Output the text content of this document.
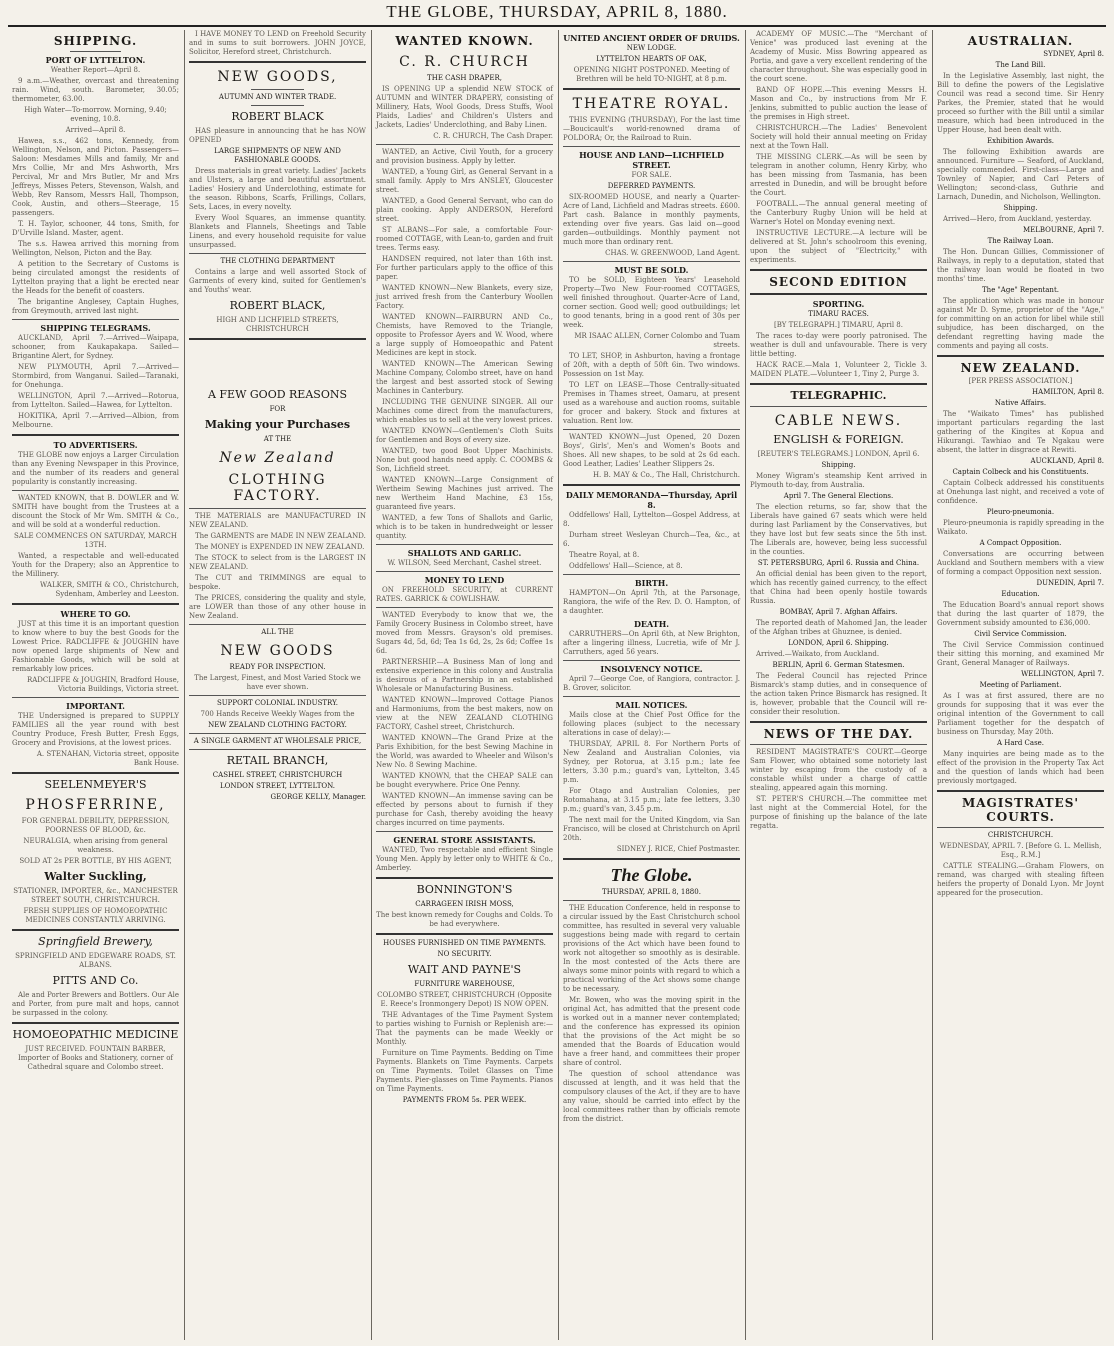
THE GLOBE, THURSDAY, APRIL 8, 1880.
SHIPPING.
PORT OF LYTTELTON.

Weather Report—April 8.

9 a.m.—Weather, overcast and threatening rain. Wind, south. Barometer, 30.05; thermometer, 63.00.

High Water—To-morrow. Morning, 9.40; evening, 10.8.

Arrived—April 8.

Hawea, s.s., 462 tons, Kennedy, from Wellington, Nelson, and Picton. Passengers—Saloon: Mesdames Mills and family, Mr and Mrs Collie, Mr and Mrs Ashworth, Mrs Percival, Mr and Mrs Butler, Mr and Mrs Jeffreys, Misses Peters, Stevenson, Walsh, and Webb, Rev Ransom, Messrs Hall, Thompson, Cook, Austin, and others—Steerage, 15 passengers.

T. H. Taylor, schooner, 44 tons, Smith, for D'Urville Island. Master, agent.

The s.s. Hawea arrived this morning from Wellington, Nelson, Picton and the Bay.

A petition to the Secretary of Customs is being circulated amongst the residents of Lyttelton praying that a light be erected near the Heads for the benefit of coasters.

The brigantine Anglesey, Captain Hughes, from Greymouth, arrived last night.

SHIPPING TELEGRAMS.

AUCKLAND, April 7.—Arrived—Waipapa, schooner, from Kaukapakapa. Sailed—Brigantine Alert, for Sydney.

NEW PLYMOUTH, April 7.—Arrived—Stormbird, from Wanganui. Sailed—Taranaki, for Onehunga.

WELLINGTON, April 7.—Arrived—Rotorua, from Lyttelton. Sailed—Hawea, for Lyttelton.

HOKITIKA, April 7.—Arrived—Albion, from Melbourne.

TO ADVERTISERS.

THE GLOBE now enjoys a Larger Circulation than any Evening Newspaper in this Province, and the number of its readers and general popularity is constantly increasing.

WANTED KNOWN, that B. DOWLER and W. SMITH have bought from the Trustees at a discount the Stock of Mr Wm. SMITH & Co., and will be sold at a wonderful reduction.

SALE COMMENCES ON SATURDAY, MARCH 13TH.

Wanted, a respectable and well-educated Youth for the Drapery; also an Apprentice to the Millinery.

WALKER, SMITH & CO., Christchurch, Sydenham, Amberley and Leeston.

WHERE TO GO.

JUST at this time it is an important question to know where to buy the best Goods for the Lowest Price. RADCLIFFE & JOUGHIN have now opened large shipments of New and Fashionable Goods, which will be sold at remarkably low prices.

RADCLIFFE & JOUGHIN, Bradford House, Victoria Buildings, Victoria street.

IMPORTANT.

THE Undersigned is prepared to SUPPLY FAMILIES all the year round with best Country Produce, Fresh Butter, Fresh Eggs, Grocery and Provisions, at the lowest prices.

A. STENAHAN, Victoria street, opposite Bank House.

SEELENMEYER'S
PHOSFERRINE,

FOR GENERAL DEBILITY, DEPRESSION, POORNESS OF BLOOD, &c.

NEURALGIA, when arising from general weakness.

SOLD AT 2s PER BOTTLE, BY HIS AGENT,

Walter Suckling,

STATIONER, IMPORTER, &c., MANCHESTER STREET SOUTH, CHRISTCHURCH.

FRESH SUPPLIES OF HOMOEOPATHIC MEDICINES CONSTANTLY ARRIVING.

Springfield Brewery,

SPRINGFIELD AND EDGEWARE ROADS, ST. ALBANS.

PITTS AND Co.

Ale and Porter Brewers and Bottlers. Our Ale and Porter, from pure malt and hops, cannot be surpassed in the colony.

HOMOEOPATHIC MEDICINE

JUST RECEIVED. FOUNTAIN BARBER, Importer of Books and Stationery, corner of Cathedral square and Colombo street.

I HAVE MONEY TO LEND on Freehold Security and in sums to suit borrowers. JOHN JOYCE, Solicitor, Hereford street, Christchurch.

NEW GOODS,

AUTUMN AND WINTER TRADE.

ROBERT BLACK

HAS pleasure in announcing that he has NOW OPENED

LARGE SHIPMENTS OF NEW AND FASHIONABLE GOODS.

Dress materials in great variety. Ladies' Jackets and Ulsters, a large and beautiful assortment. Ladies' Hosiery and Underclothing, estimate for the season. Ribbons, Scarfs, Frillings, Collars, Sets, Laces, in every novelty.

Every Wool Squares, an immense quantity. Blankets and Flannels, Sheetings and Table Linens, and every household requisite for value unsurpassed.

THE CLOTHING DEPARTMENT

Contains a large and well assorted Stock of Garments of every kind, suited for Gentlemen's and Youths' wear.

ROBERT BLACK,

HIGH AND LICHFIELD STREETS, CHRISTCHURCH

A FEW GOOD REASONS

FOR

Making your Purchases

AT THE

New Zealand
CLOTHING FACTORY.

THE MATERIALS are MANUFACTURED IN NEW ZEALAND.

The GARMENTS are MADE IN NEW ZEALAND.

The MONEY is EXPENDED IN NEW ZEALAND.

The STOCK to select from is the LARGEST IN NEW ZEALAND.

The CUT and TRIMMINGS are equal to bespoke.

The PRICES, considering the quality and style, are LOWER than those of any other house in New Zealand.

ALL THE

NEW GOODS

READY FOR INSPECTION.

The Largest, Finest, and Most Varied Stock we have ever shown.

SUPPORT COLONIAL INDUSTRY.

700 Hands Receive Weekly Wages from the

NEW ZEALAND CLOTHING FACTORY.

A SINGLE GARMENT AT WHOLESALE PRICE,

RETAIL BRANCH,

CASHEL STREET, CHRISTCHURCH

LONDON STREET, LYTTELTON.

GEORGE KELLY, Manager.

WANTED KNOWN.
C. R. CHURCH

THE CASH DRAPER,

IS OPENING UP a splendid NEW STOCK of AUTUMN and WINTER DRAPERY, consisting of Millinery, Hats, Wool Goods, Dress Stuffs, Wool Plaids, Ladies' and Children's Ulsters and Jackets, Ladies' Underclothing, and Baby Linen.

C. R. CHURCH, The Cash Draper.

WANTED, an Active, Civil Youth, for a grocery and provision business. Apply by letter.

WANTED, a Young Girl, as General Servant in a small family. Apply to Mrs ANSLEY, Gloucester street.

WANTED, a Good General Servant, who can do plain cooking. Apply ANDERSON, Hereford street.

ST ALBANS—For sale, a comfortable Four-roomed COTTAGE, with Lean-to, garden and fruit trees. Terms easy.

HANDSEN required, not later than 16th inst. For further particulars apply to the office of this paper.

WANTED KNOWN—New Blankets, every size, just arrived fresh from the Canterbury Woollen Factory.

WANTED KNOWN—FAIRBURN AND Co., Chemists, have Removed to the Triangle, opposite to Professor Ayers and W. Wood, where a large supply of Homoeopathic and Patent Medicines are kept in stock.

WANTED KNOWN—The American Sewing Machine Company, Colombo street, have on hand the largest and best assorted stock of Sewing Machines in Canterbury.

INCLUDING THE GENUINE SINGER. All our Machines come direct from the manufacturers, which enables us to sell at the very lowest prices.

WANTED KNOWN—Gentlemen's Cloth Suits for Gentlemen and Boys of every size.

WANTED, two good Boot Upper Machinists. None but good hands need apply. C. COOMBS & Son, Lichfield street.

WANTED KNOWN—Large Consignment of Wertheim Sewing Machines just arrived. The new Wertheim Hand Machine, £3 15s, guaranteed five years.

WANTED, a few Tons of Shallots and Garlic, which is to be taken in hundredweight or lesser quantity.

SHALLOTS AND GARLIC.

W. WILSON, Seed Merchant, Cashel street.

MONEY TO LEND

ON FREEHOLD SECURITY, at CURRENT RATES. GARRICK & COWLISHAW.

WANTED Everybody to know that we, the Family Grocery Business in Colombo street, have moved from Messrs. Grayson's old premises. Sugars 4d, 5d, 6d; Tea 1s 6d, 2s, 2s 6d; Coffee 1s 6d.

PARTNERSHIP.—A Business Man of long and extensive experience in this colony and Australia is desirous of a Partnership in an established Wholesale or Manufacturing Business.

WANTED KNOWN—Improved Cottage Pianos and Harmoniums, from the best makers, now on view at the NEW ZEALAND CLOTHING FACTORY, Cashel street, Christchurch.

WANTED KNOWN—The Grand Prize at the Paris Exhibition, for the best Sewing Machine in the World, was awarded to Wheeler and Wilson's New No. 8 Sewing Machine.

WANTED KNOWN, that the CHEAP SALE can be bought everywhere. Price One Penny.

WANTED KNOWN—An immense saving can be effected by persons about to furnish if they purchase for Cash, thereby avoiding the heavy charges incurred on time payments.

GENERAL STORE ASSISTANTS.

WANTED, Two respectable and efficient Single Young Men. Apply by letter only to WHITE & Co., Amberley.

BONNINGTON'S

CARRAGEEN IRISH MOSS,

The best known remedy for Coughs and Colds. To be had everywhere.

HOUSES FURNISHED ON TIME PAYMENTS.

NO SECURITY.

WAIT AND PAYNE'S

FURNITURE WAREHOUSE,

COLOMBO STREET, CHRISTCHURCH (Opposite E. Reece's Ironmongery Depot) IS NOW OPEN.

THE Advantages of the Time Payment System to parties wishing to Furnish or Replenish are:—That the payments can be made Weekly or Monthly.

Furniture on Time Payments. Bedding on Time Payments. Blankets on Time Payments. Carpets on Time Payments. Toilet Glasses on Time Payments. Pier-glasses on Time Payments. Pianos on Time Payments.

PAYMENTS FROM 5s. PER WEEK.

UNITED ANCIENT ORDER OF DRUIDS.

NEW LODGE.

LYTTELTON HEARTS OF OAK,

OPENING NIGHT POSTPONED. Meeting of Brethren will be held TO-NIGHT, at 8 p.m.

THEATRE ROYAL.

THIS EVENING (THURSDAY), For the last time—Boucicault's world-renowned drama of POLDORA; Or, the Railroad to Ruin.

HOUSE AND LAND—LICHFIELD STREET.

FOR SALE.

DEFERRED PAYMENTS.

SIX-ROOMED HOUSE, and nearly a Quarter-Acre of Land, Lichfield and Madras streets. £600. Part cash. Balance in monthly payments, extending over five years. Gas laid on—good garden—outbuildings. Monthly payment not much more than ordinary rent.

CHAS. W. GREENWOOD, Land Agent.

MUST BE SOLD.

TO be SOLD, Eighteen Years' Leasehold Property—Two New Four-roomed COTTAGES, well finished throughout. Quarter-Acre of Land, corner section. Good well; good outbuildings; let to good tenants, bring in a good rent of 30s per week.

MR ISAAC ALLEN, Corner Colombo and Tuam streets.

TO LET, SHOP, in Ashburton, having a frontage of 20ft, with a depth of 50ft 6in. Two windows. Possession on 1st May.

TO LET on LEASE—Those Centrally-situated Premises in Thames street, Oamaru, at present used as a warehouse and auction rooms, suitable for grocer and bakery. Stock and fixtures at valuation. Rent low.

WANTED KNOWN—Just Opened, 20 Dozen Boys', Girls', Men's and Women's Boots and Shoes. All new shapes, to be sold at 2s 6d each. Good Leather, Ladies' Leather Slippers 2s.

H. B. MAY & Co., The Hall, Christchurch.

DAILY MEMORANDA—Thursday, April 8.

Oddfellows' Hall, Lyttelton—Gospel Address, at 8.

Durham street Wesleyan Church—Tea, &c., at 6.

Theatre Royal, at 8.

Oddfellows' Hall—Science, at 8.

BIRTH.

HAMPTON—On April 7th, at the Parsonage, Rangiora, the wife of the Rev. D. O. Hampton, of a daughter.

DEATH.

CARRUTHERS—On April 6th, at New Brighton, after a lingering illness, Lucretia, wife of Mr J. Carruthers, aged 56 years.

INSOLVENCY NOTICE.

April 7—George Coe, of Rangiora, contractor. J. B. Grover, solicitor.

MAIL NOTICES.

Mails close at the Chief Post Office for the following places (subject to the necessary alterations in case of delay):—

THURSDAY, APRIL 8. For Northern Ports of New Zealand and Australian Colonies, via Sydney, per Rotorua, at 3.15 p.m.; late fee letters, 3.30 p.m.; guard's van, Lyttelton, 3.45 p.m.

For Otago and Australian Colonies, per Rotomahana, at 3.15 p.m.; late fee letters, 3.30 p.m.; guard's van, 3.45 p.m.

The next mail for the United Kingdom, via San Francisco, will be closed at Christchurch on April 20th.

SIDNEY J. RICE, Chief Postmaster.

The Globe.

THURSDAY, APRIL 8, 1880.

THE Education Conference, held in response to a circular issued by the East Christchurch school committee, has resulted in several very valuable suggestions being made with regard to certain provisions of the Act which have been found to work not altogether so smoothly as is desirable. In the most contested of the Acts there are always some minor points with regard to which a practical working of the Act shows some change to be necessary.

Mr. Bowen, who was the moving spirit in the original Act, has admitted that the present code is worked out in a manner never contemplated; and the conference has expressed its opinion that the provisions of the Act might be so amended that the Boards of Education would have a freer hand, and committees their proper share of control.

The question of school attendance was discussed at length, and it was held that the compulsory clauses of the Act, if they are to have any value, should be carried into effect by the local committees rather than by officials remote from the district.

ACADEMY OF MUSIC.—The "Merchant of Venice" was produced last evening at the Academy of Music. Miss Bowring appeared as Portia, and gave a very excellent rendering of the character throughout. She was especially good in the court scene.

BAND OF HOPE.—This evening Messrs H. Mason and Co., by instructions from Mr F. Jenkins, submitted to public auction the lease of the premises in High street.

CHRISTCHURCH.—The Ladies' Benevolent Society will hold their annual meeting on Friday next at the Town Hall.

THE MISSING CLERK.—As will be seen by telegram in another column, Henry Kirby, who has been missing from Tasmania, has been arrested in Dunedin, and will be brought before the Court.

FOOTBALL.—The annual general meeting of the Canterbury Rugby Union will be held at Warner's Hotel on Monday evening next.

INSTRUCTIVE LECTURE.—A lecture will be delivered at St. John's schoolroom this evening, upon the subject of "Electricity," with experiments.

SECOND EDITION
SPORTING.

TIMARU RACES.

[BY TELEGRAPH.] TIMARU, April 8.

The races to-day were poorly patronised. The weather is dull and unfavourable. There is very little betting.

HACK RACE.—Mala 1, Volunteer 2, Tickle 3. MAIDEN PLATE.—Volunteer 1, Tiny 2, Purge 3.

TELEGRAPHIC.
CABLE NEWS.
ENGLISH & FOREIGN.

[REUTER'S TELEGRAMS.] LONDON, April 6.

Shipping.

Money Wigram's steamship Kent arrived in Plymouth to-day, from Australia.

April 7. The General Elections.

The election returns, so far, show that the Liberals have gained 67 seats which were held during last Parliament by the Conservatives, but they have lost but few seats since the 5th inst. The Liberals are, however, being less successful in the counties.

ST. PETERSBURG, April 6. Russia and China.

An official denial has been given to the report, which has recently gained currency, to the effect that China had been openly hostile towards Russia.

BOMBAY, April 7. Afghan Affairs.

The reported death of Mahomed Jan, the leader of the Afghan tribes at Ghuznee, is denied.

LONDON, April 6. Shipping.

Arrived.—Waikato, from Auckland.

BERLIN, April 6. German Statesmen.

The Federal Council has rejected Prince Bismarck's stamp duties, and in consequence of the action taken Prince Bismarck has resigned. It is, however, probable that the Council will re-consider their resolution.

NEWS OF THE DAY.

RESIDENT MAGISTRATE'S COURT.—George Sam Flower, who obtained some notoriety last winter by escaping from the custody of a constable whilst under a charge of cattle stealing, appeared again this morning.

ST. PETER'S CHURCH.—The committee met last night at the Commercial Hotel, for the purpose of finishing up the balance of the late regatta.

AUSTRALIAN.

SYDNEY, April 8.

The Land Bill.

In the Legislative Assembly, last night, the Bill to define the powers of the Legislative Council was read a second time. Sir Henry Parkes, the Premier, stated that he would proceed so further with the Bill until a similar measure, which had been introduced in the Upper House, had been dealt with.

Exhibition Awards.

The following Exhibition awards are announced. Furniture — Seaford, of Auckland, specially commended. First-class—Large and Townley of Napier, and Carl Peters of Wellington; second-class, Guthrie and Larnach, Dunedin, and Nicholson, Wellington.

Shipping.

Arrived—Hero, from Auckland, yesterday.

MELBOURNE, April 7.

The Railway Loan.

The Hon. Duncan Gillies, Commissioner of Railways, in reply to a deputation, stated that the railway loan would be floated in two months' time.

The "Age" Repentant.

The application which was made in honour against Mr D. Syme, proprietor of the "Age," for committing on an action for libel while still subjudice, has been discharged, on the defendant regretting having made the comments and paying all costs.

NEW ZEALAND.

[PER PRESS ASSOCIATION.]

HAMILTON, April 8.

Native Affairs.

The "Waikato Times" has published important particulars regarding the last gathering of the Kingites at Kopua and Hikurangi. Tawhiao and Te Ngakau were absent, the latter in disgrace at Rewiti.

AUCKLAND, April 8.

Captain Colbeck and his Constituents.

Captain Colbeck addressed his constituents at Onehunga last night, and received a vote of confidence.

Pleuro-pneumonia.

Pleuro-pneumonia is rapidly spreading in the Waikato.

A Compact Opposition.

Conversations are occurring between Auckland and Southern members with a view of forming a compact Opposition next session.

DUNEDIN, April 7.

Education.

The Education Board's annual report shows that during the last quarter of 1879, the Government subsidy amounted to £36,000.

Civil Service Commission.

The Civil Service Commission continued their sitting this morning, and examined Mr Grant, General Manager of Railways.

WELLINGTON, April 7.

Meeting of Parliament.

As I was at first assured, there are no grounds for supposing that it was ever the original intention of the Government to call Parliament together for the despatch of business on Thursday, May 20th.

A Hard Case.

Many inquiries are being made as to the effect of the provision in the Property Tax Act and the question of lands which had been previously mortgaged.

MAGISTRATES' COURTS.

CHRISTCHURCH.

WEDNESDAY, APRIL 7. [Before G. L. Mellish, Esq., R.M.]

CATTLE STEALING.—Graham Flowers, on remand, was charged with stealing fifteen heifers the property of Donald Lyon. Mr Joynt appeared for the prosecution.
